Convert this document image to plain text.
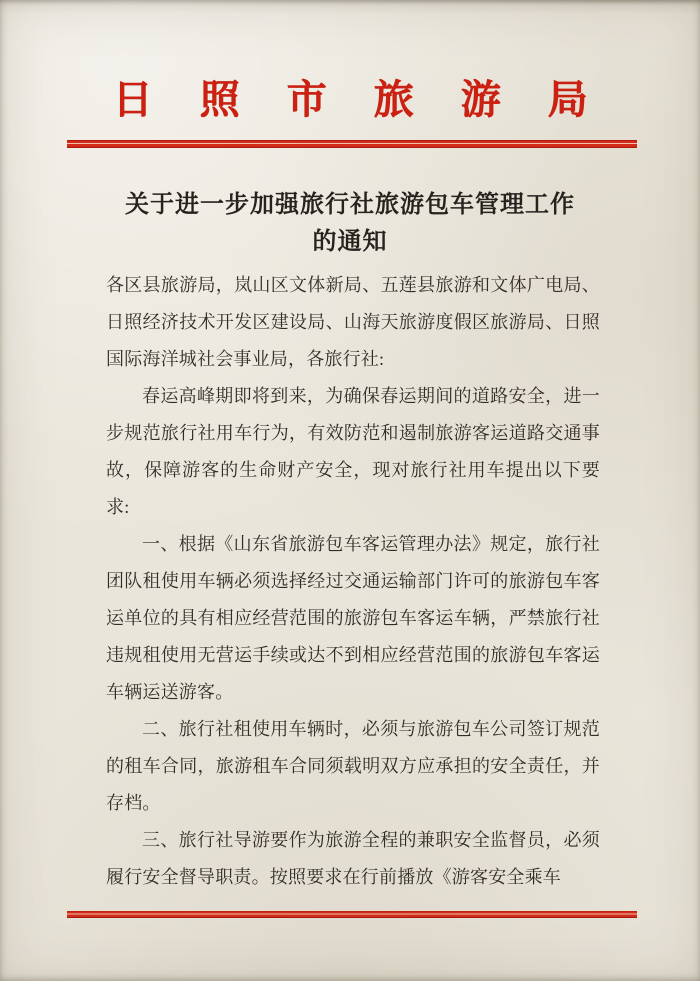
日照市旅游局
关于进一步加强旅行社旅游包车管理工作
的通知

各区县旅游局，岚山区文体新局、五莲县旅游和文体广电局、日照经济技术开发区建设局、山海天旅游度假区旅游局、日照国际海洋城社会事业局，各旅行社:

春运高峰期即将到来，为确保春运期间的道路安全，进一步规范旅行社用车行为，有效防范和遏制旅游客运道路交通事故，保障游客的生命财产安全，现对旅行社用车提出以下要求:

一、根据《山东省旅游包车客运管理办法》规定，旅行社团队租使用车辆必须选择经过交通运输部门许可的旅游包车客运单位的具有相应经营范围的旅游包车客运车辆，严禁旅行社违规租使用无营运手续或达不到相应经营范围的旅游包车客运车辆运送游客。

二、旅行社租使用车辆时，必须与旅游包车公司签订规范的租车合同，旅游租车合同须载明双方应承担的安全责任，并存档。

三、旅行社导游要作为旅游全程的兼职安全监督员，必须履行安全督导职责。按照要求在行前播放《游客安全乘车
